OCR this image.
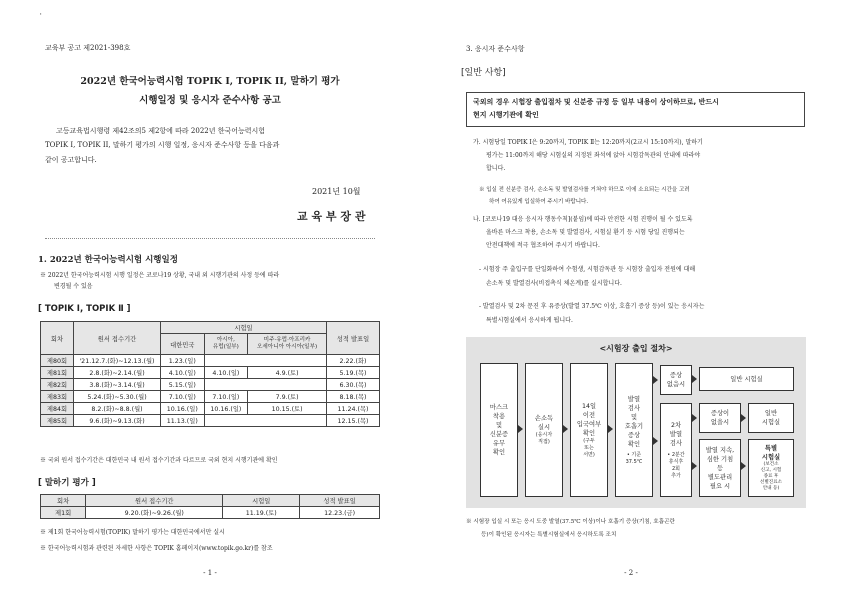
'
교육부 공고 제2021-398호
2022년 한국어능력시험 TOPIK I, TOPIK II, 말하기 평가
시행일정 및 응시자 준수사항 공고
고등교육법시행령 제42조의5 제2항에 따라 2022년 한국어능력시험
TOPIK I, TOPIK II, 말하기 평가의 시행 일정, 응시자 준수사항 등을 다음과
같이 공고합니다.
2021년 10월
교 육 부 장 관
1. 2022년 한국어능력시험 시행일정
※ 2022년 한국어능력시험 시행 일정은 코로나19 상황, 국내 외 시행기관의 사정 등에 따라
변경될 수 있음
[ TOPIK Ⅰ, TOPIK Ⅱ ]
회차	원서 접수기간	시험일			성적 발표일
		대한민국	아시아,
유럽(일부)	미주·유럽·아프리카
오세아니아 아시아(일부)	
제80회	'21.12.7.(화)~12.13.(월)	1.23.(일)			2.22.(화)
제81회	2.8.(화)~2.14.(월)	4.10.(일)	4.10.(일)	4.9.(토)	5.19.(목)
제82회	3.8.(화)~3.14.(월)	5.15.(일)			6.30.(목)
제83회	5.24.(화)~5.30.(월)	7.10.(일)	7.10.(일)	7.9.(토)	8.18.(목)
제84회	8.2.(화)~8.8.(월)	10.16.(일)	10.16.(일)	10.15.(토)	11.24.(목)
제85회	9.6.(화)~9.13.(화)	11.13.(일)			12.15.(목)
※ 국외 원서 접수기간은 대한민국 내 원서 접수기간과 다르므로 국외 현지 시행기관에 확인
[ 말하기 평가 ]
회차	원서 접수기간	시험일	성적 발표일
제1회	9.20.(화)~9.26.(월)	11.19.(토)	12.23.(금)
※ 제1회 한국어능력시험(TOPIK) 말하기 평가는 대한민국에서만 실시
※ 한국어능력시험과 관련된 자세한 사항은 TOPIK 홈페이지(www.topik.go.kr)를 참조
- 1 -
3. 응시자 준수사항
[일반 사항]
국외의 경우 시험장 출입절차 및 신분증 규정 등 일부 내용이 상이하므로, 반드시
현지 시행기관에 확인
가. 시험당일 TOPIK Ⅰ은 9:20까지, TOPIK Ⅱ는 12:20까지(2교시 15:10까지), 말하기
평가는 11:00까지 해당 시험실의 지정된 좌석에 앉아 시험감독관의 안내에 따라야
합니다.
※ 입실 전 신분증 검사, 손소독 및 발열검사를 거쳐야 하므로 이에 소요되는 시간을 고려
하여 여유있게 입실하여 주시기 바랍니다.
나. [코로나19 대응 응시자 행동수칙](붙임)에 따라 안전한 시험 진행이 될 수 있도록
올바른 마스크 착용, 손소독 및 발열검사, 시험실 환기 등 시험 당일 진행되는
안전대책에 적극 협조하여 주시기 바랍니다.
- 시험장 주 출입구를 단일화하여 수험생, 시험감독관 등 시험장 출입자 전원에 대해
손소독 및 발열검사(비접촉식 체온계)를 실시합니다.
- 발열검사 및 2차 문진 후 유증상(발열 37.5℃ 이상, 호흡기 증상 등)이 있는 응시자는
특별시험실에서 응시하게 됩니다.
<시험장 출입 절차>
마스크
착용
및
신분증
유무
확인
손소독
실시
(응시자
직접)
14일
이전
입국여부
확인
(구두
또는
서면)
발열
검사
및
호흡기
증상
확인
• 기준
37.5℃
증상
없음시
일반 시험실
2차
발열
검사
• 2분간
휴식후
2회
추가
증상이
없을시
일반
시험실
발열 지속,
심한 기침
등
별도관리
필요 시
특별
시험실
(보건소
신고, 시험
종료 후
선별진료소
안내 등)
※ 시험장 입실 시 또는 응시 도중 발열(37.5℃ 이상)이나 호흡기 증상(기침, 호흡곤란
등)이 확인된 응시자는 특별시험실에서 응시하도록 조치
- 2 -
